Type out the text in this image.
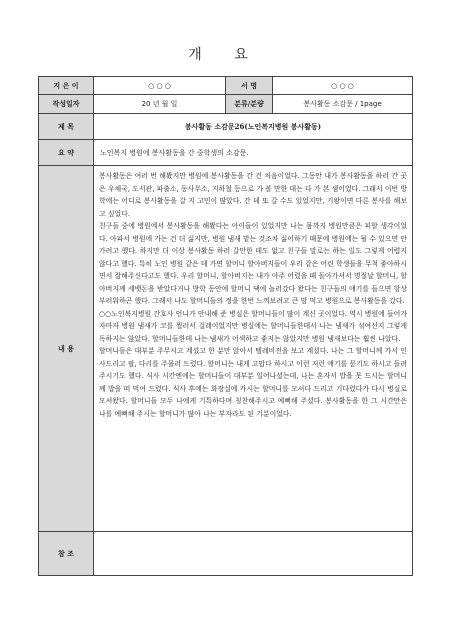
개 요
지 은 이	○ ○ ○	서 명	○ ○ ○
작성일자	20 년 월 일	분류/분량	봉사활동 소감문 / 1page
제 목	봉사활동 소감문26(노인복지병원 봉사활동)		
요 약	노인복지 병원에 봉사활동을 간 중학생의 소감문.		
내 용	봉사활동은 여러 번 해봤지만 병원에 봉사활동을 간 건 처음이었다. 그동안 내가 봉사활동을 하러 간 곳은 우체국, 도서관, 파출소, 동사무소, 지하철 등으로 가 볼 만한 데는 다 가 본 셈이었다. 그래서 이번 방학에는 어디로 봉사활동을 갈 지 고민이 많았다. 간 데 또 갈 수도 있었지만, 기왕이면 다른 봉사를 해보고 싶었다.

친구들 중에 병원에서 봉사활동을 해봤다는 아이들이 있었지만 나는 몸까지 병원만큼은 피할 생각이었다. 아파서 병원에 가는 건 더 싫지만, 병원 냄새 맡는 것조차 싫어하기 때문에 병원에는 될 수 있으면 안 가려고 했다. 하지만 더 이상 봉사활동 하러 갈만한 데도 없고 친구들 말로는 하는 일도 그렇게 어렵지 않다고 했다. 특히 노인 병원 같은 데 가면 할머니 할아버지들이 우리 같은 어린 학생들을 무척 좋아하시면서 잘해주신다고도 했다. 우리 할머니, 할아버지는 내가 아주 어렸을 때 돌아가셔서 명절날 할머니, 할아버지께 세뱃돈을 받았다거나 방학 동안에 할머니 댁에 놀러갔다 왔다는 친구들의 얘기를 들으면 항상 부러워하곤 했다. 그래서 나도 할머니들의 정을 한번 느껴보려고 큰 맘 먹고 병원으로 봉사활동을 갔다.

○○노인복지병원 간호사 언니가 안내해 준 병실은 할머니들이 많이 계신 곳이었다. 역시 병원에 들어가자마자 병원 냄새가 코를 찔러서 걸레이었지만 병실에는 할머니들한테서 나는 냄새가 섞여선지 그렇게 독하지는 않았다. 할머니들한테 나는 냄새가 어색하고 좋지는 않았지만 병원 냄새보다는 훨씬 나았다.

할머니들은 대부분 주무시고 계셨고 한 분만 앉아서 텔레비전을 보고 계셨다. 나는 그 할머니께 가서 인사드리고 팔, 다리를 주물러 드렸다. 할머니는 내게 고맙다 하시고 이런 저런 얘기를 묻기도 하시고 들려주시기도 했다. 식사 시간엔에는 할머니들이 대부분 일어나셨는데, 나는 혼자서 밥을 못 드시는 할머니께 밥을 떠 먹여 드렸다. 식사 후에는 화장실에 가시는 할머니를 모셔다 드리고 기다렸다가 다시 병실로 모셔왔다. 할머니들 모두 나에게 기특하다며 칭찬해주시고 예뻐해 주셨다. 봉사활동을 한 그 시간만은 나를 예뻐해 주시는 할머니가 많아 나는 부자라도 된 기분이었다.		

참 조			
